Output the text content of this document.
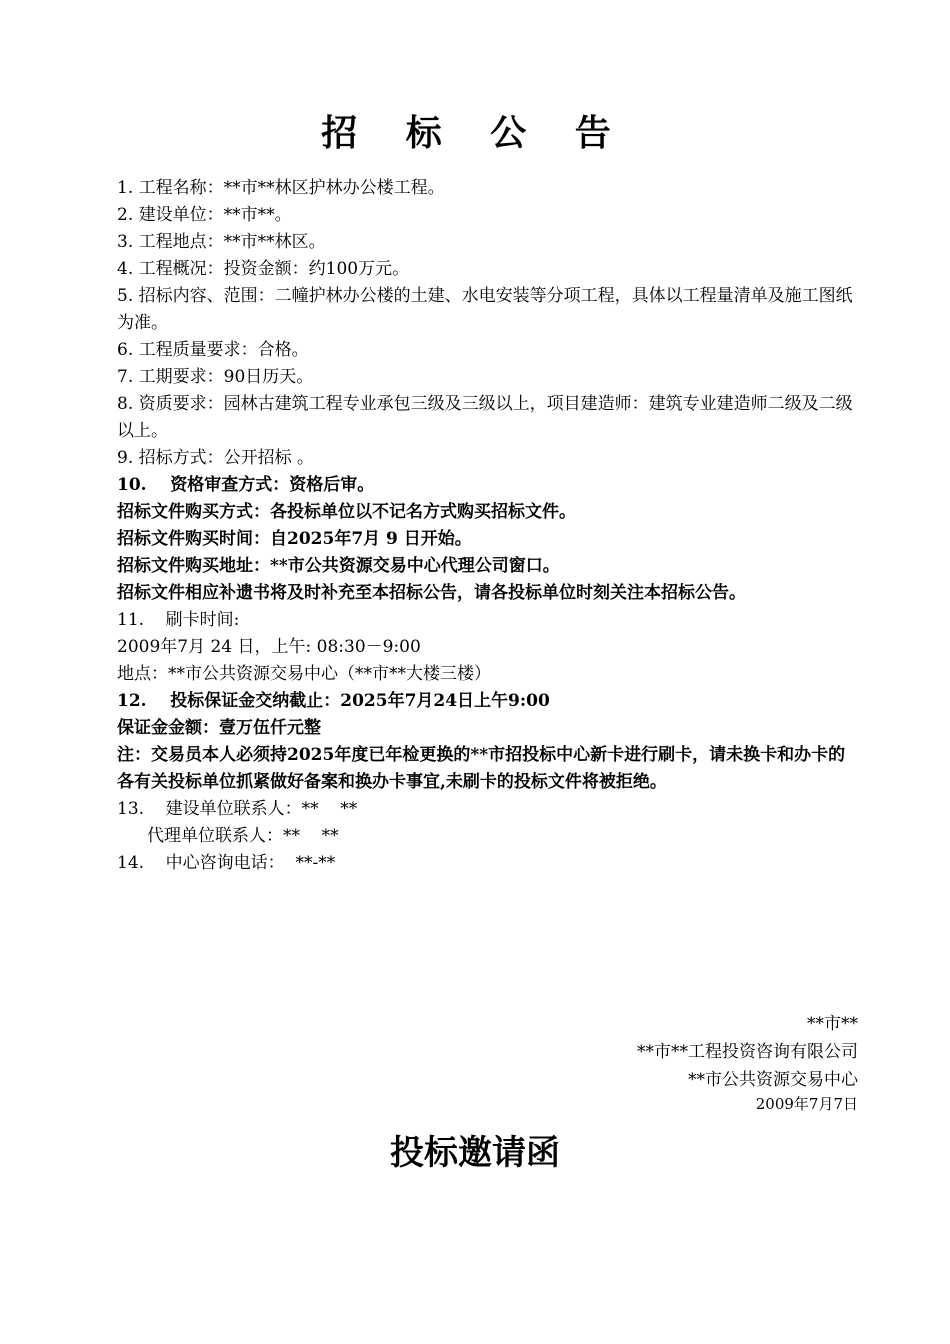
招 标 公 告

1. 工程名称：**市**林区护林办公楼工程。

2. 建设单位：**市**。

3. 工程地点：**市**林区。

4. 工程概况：投资金额：约100万元。

5. 招标内容、范围：二幢护林办公楼的土建、水电安装等分项工程，具体以工程量清单及施工图纸为准。

6. 工程质量要求：合格。

7. 工期要求：90日历天。

8. 资质要求：园林古建筑工程专业承包三级及三级以上，项目建造师：建筑专业建造师二级及二级以上。

9. 招标方式：公开招标 。

10.    资格审查方式：资格后审。

招标文件购买方式：各投标单位以不记名方式购买招标文件。

招标文件购买时间：自2025年7月 9 日开始。

招标文件购买地址：**市公共资源交易中心代理公司窗口。

招标文件相应补遗书将及时补充至本招标公告，请各投标单位时刻关注本招标公告。

11.    刷卡时间:

2009年7月 24 日，上午: 08:30－9:00

地点：**市公共资源交易中心（**市**大楼三楼）

12.    投标保证金交纳截止：2025年7月24日上午9:00

保证金金额：壹万伍仟元整

注：交易员本人必须持2025年度已年检更换的**市招投标中心新卡进行刷卡，请未换卡和办卡的各有关投标单位抓紧做好备案和换办卡事宜,未刷卡的投标文件将被拒绝。

13.    建设单位联系人：**    **

代理单位联系人：**    **

14.    中心咨询电话：  **-**

**市**
**市**工程投资咨询有限公司
**市公共资源交易中心
2009年7月7日
投标邀请函
